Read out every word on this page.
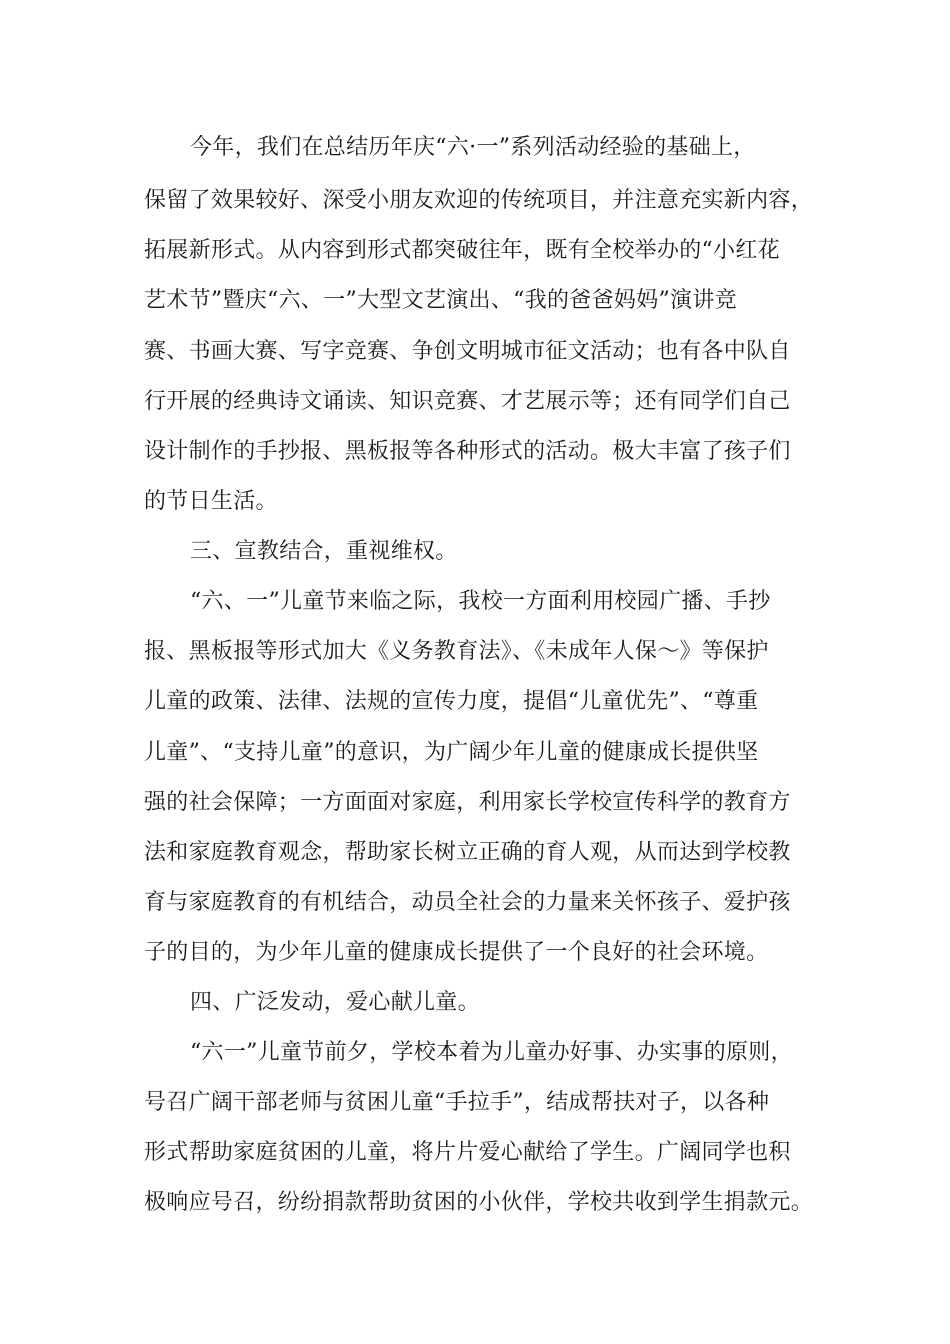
今年，我们在总结历年庆“六·一”系列活动经验的基础上，
保留了效果较好、深受小朋友欢迎的传统项目，并注意充实新内容，
拓展新形式。从内容到形式都突破往年，既有全校举办的“小红花
艺术节”暨庆“六、一”大型文艺演出、“我的爸爸妈妈”演讲竞
赛、书画大赛、写字竞赛、争创文明城市征文活动；也有各中队自
行开展的经典诗文诵读、知识竞赛、才艺展示等；还有同学们自己
设计制作的手抄报、黑板报等各种形式的活动。极大丰富了孩子们
的节日生活。
三、宣教结合，重视维权。
“六、一”儿童节来临之际，我校一方面利用校园广播、手抄
报、黑板报等形式加大《义务教育法》、《未成年人保～》等保护
儿童的政策、法律、法规的宣传力度，提倡“儿童优先”、“尊重
儿童”、“支持儿童”的意识，为广阔少年儿童的健康成长提供坚
强的社会保障；一方面面对家庭，利用家长学校宣传科学的教育方
法和家庭教育观念，帮助家长树立正确的育人观，从而达到学校教
育与家庭教育的有机结合，动员全社会的力量来关怀孩子、爱护孩
子的目的，为少年儿童的健康成长提供了一个良好的社会环境。
四、广泛发动，爱心献儿童。
“六一”儿童节前夕，学校本着为儿童办好事、办实事的原则，
号召广阔干部老师与贫困儿童“手拉手”，结成帮扶对子，以各种
形式帮助家庭贫困的儿童，将片片爱心献给了学生。广阔同学也积
极响应号召，纷纷捐款帮助贫困的小伙伴，学校共收到学生捐款元。
